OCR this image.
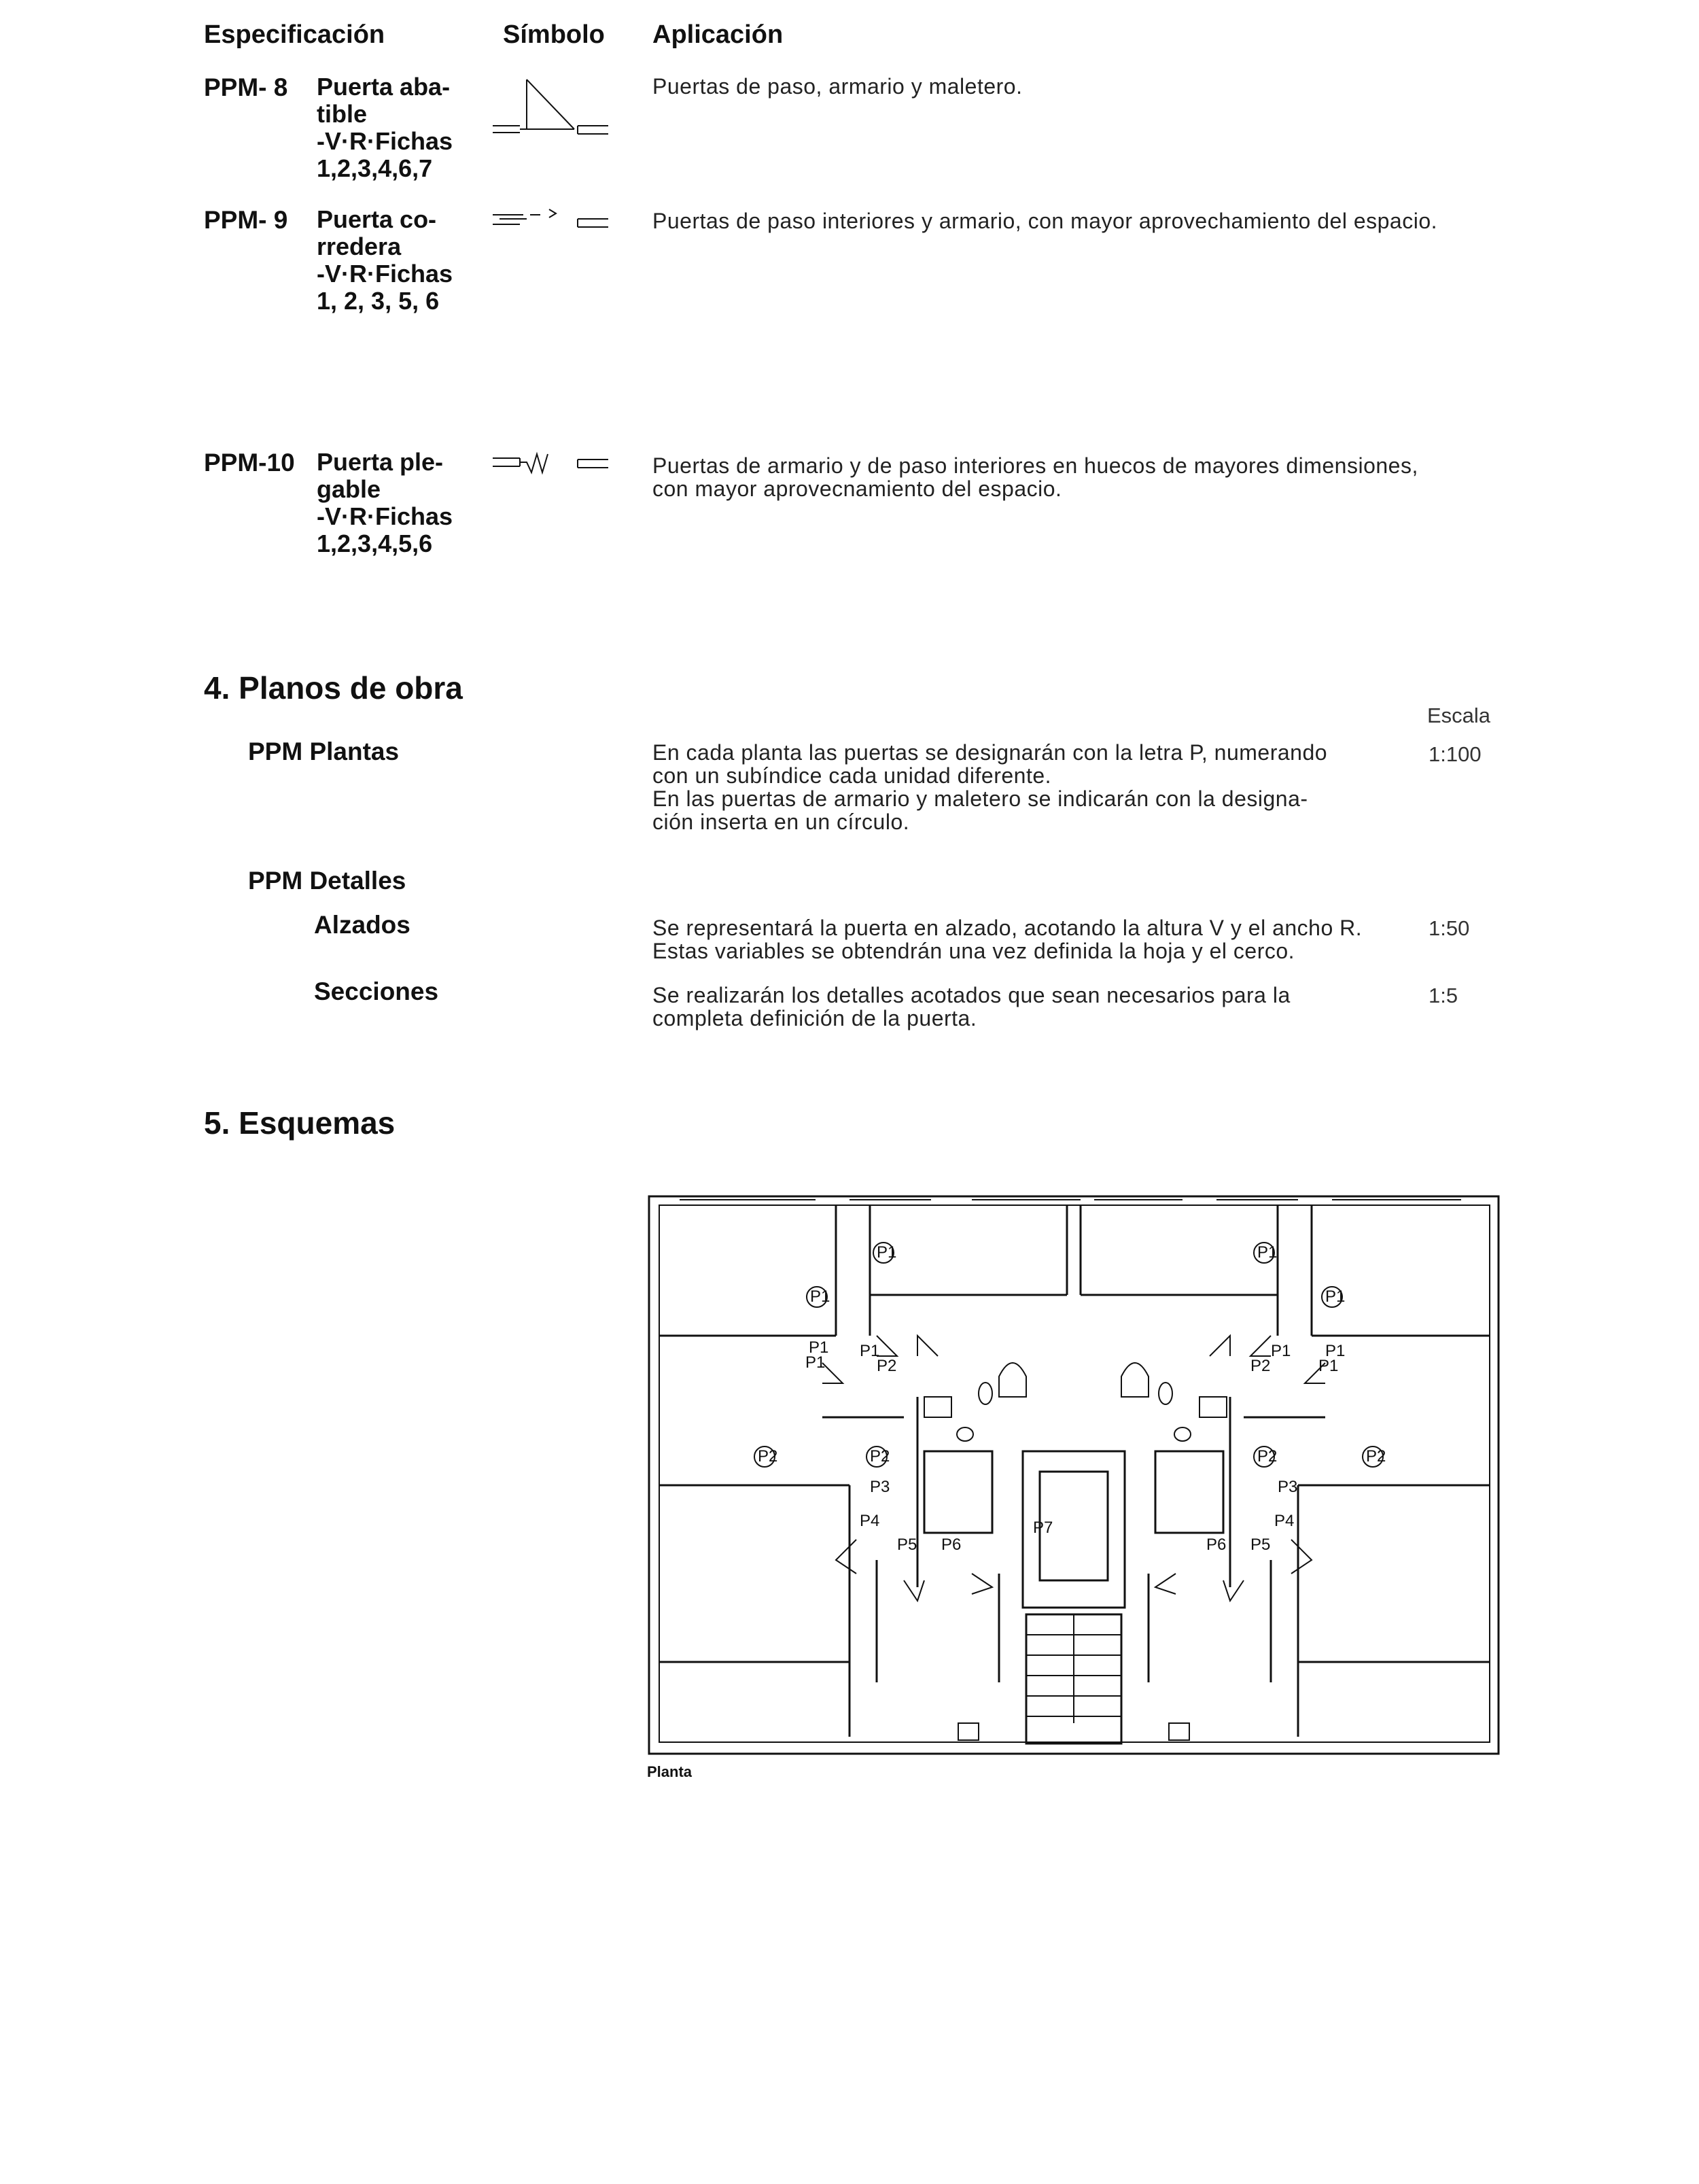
Especificación	Símbolo Aplicación
PPM- 8 Puerta aba-
tible
-V·R·Fichas
1,2,3,4,6,7
Puertas de paso, armario y maletero.
PPM- 9 Puerta co-
rredera
-V·R·Fichas
1, 2, 3, 5, 6
Puertas de paso interiores y armario, con mayor aprovechamiento del espacio.
PPM-10 Puerta ple-
gable
-V·R·Fichas
1,2,3,4,5,6
Puertas de armario y de paso interiores en huecos de mayores dimensiones,
con mayor aprovecnamiento del espacio.
4. Planos de obra
Escala
PPM Plantas	En cada planta las puertas se designarán con la letra P, numerando
con un subíndice cada unidad diferente.
En las puertas de armario y maletero se indicarán con la designa-
ción inserta en un círculo.
1:100
PPM Detalles
Alzados	Se representará la puerta en alzado, acotando la altura V y el ancho R.
Estas variables se obtendrán una vez definida la hoja y el cerco.
1:50
Secciones	Se realizarán los detalles acotados que sean necesarios para la
completa definición de la puerta.
1:5
5. Esquemas
P1	P1
P1	P1
P1
P1
P1
P2
P1
P2
P1
P1
P2	P2	P2	P2
P3	P3
P4	P4
P5	P5
P6	P6
P7
Planta
